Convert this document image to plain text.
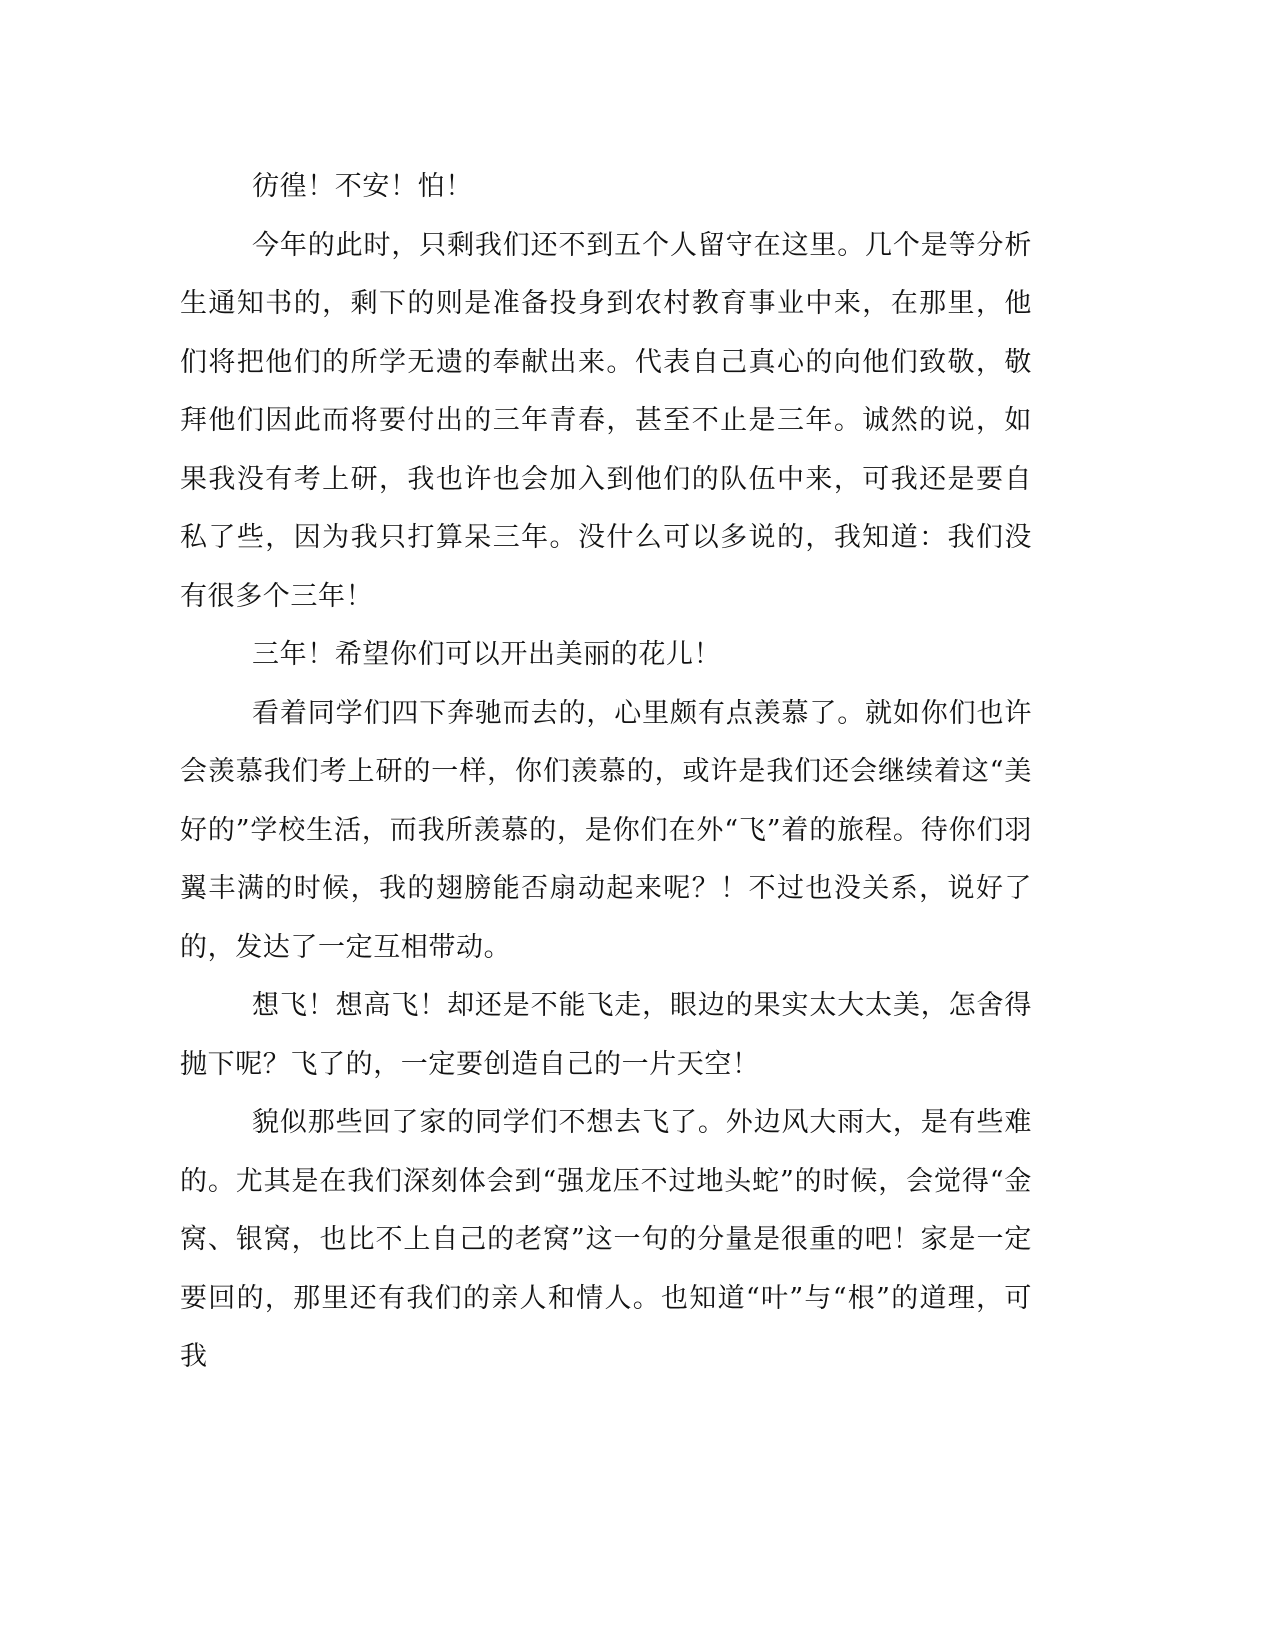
彷徨！不安！怕！

今年的此时，只剩我们还不到五个人留守在这里。几个是等分析生通知书的，剩下的则是准备投身到农村教育事业中来，在那里，他们将把他们的所学无遗的奉献出来。代表自己真心的向他们致敬，敬拜他们因此而将要付出的三年青春，甚至不止是三年。诚然的说，如果我没有考上研，我也许也会加入到他们的队伍中来，可我还是要自私了些，因为我只打算呆三年。没什么可以多说的，我知道：我们没有很多个三年！

三年！希望你们可以开出美丽的花儿！

看着同学们四下奔驰而去的，心里颇有点羡慕了。就如你们也许会羡慕我们考上研的一样，你们羡慕的，或许是我们还会继续着这“美好的”学校生活，而我所羡慕的，是你们在外“飞”着的旅程。待你们羽翼丰满的时候，我的翅膀能否扇动起来呢？！不过也没关系，说好了的，发达了一定互相带动。

想飞！想高飞！却还是不能飞走，眼边的果实太大太美，怎舍得抛下呢？飞了的，一定要创造自己的一片天空！

貌似那些回了家的同学们不想去飞了。外边风大雨大，是有些难的。尤其是在我们深刻体会到“强龙压不过地头蛇”的时候，会觉得“金窝、银窝，也比不上自己的老窝”这一句的分量是很重的吧！家是一定要回的，那里还有我们的亲人和情人。也知道“叶”与“根”的道理，可我
